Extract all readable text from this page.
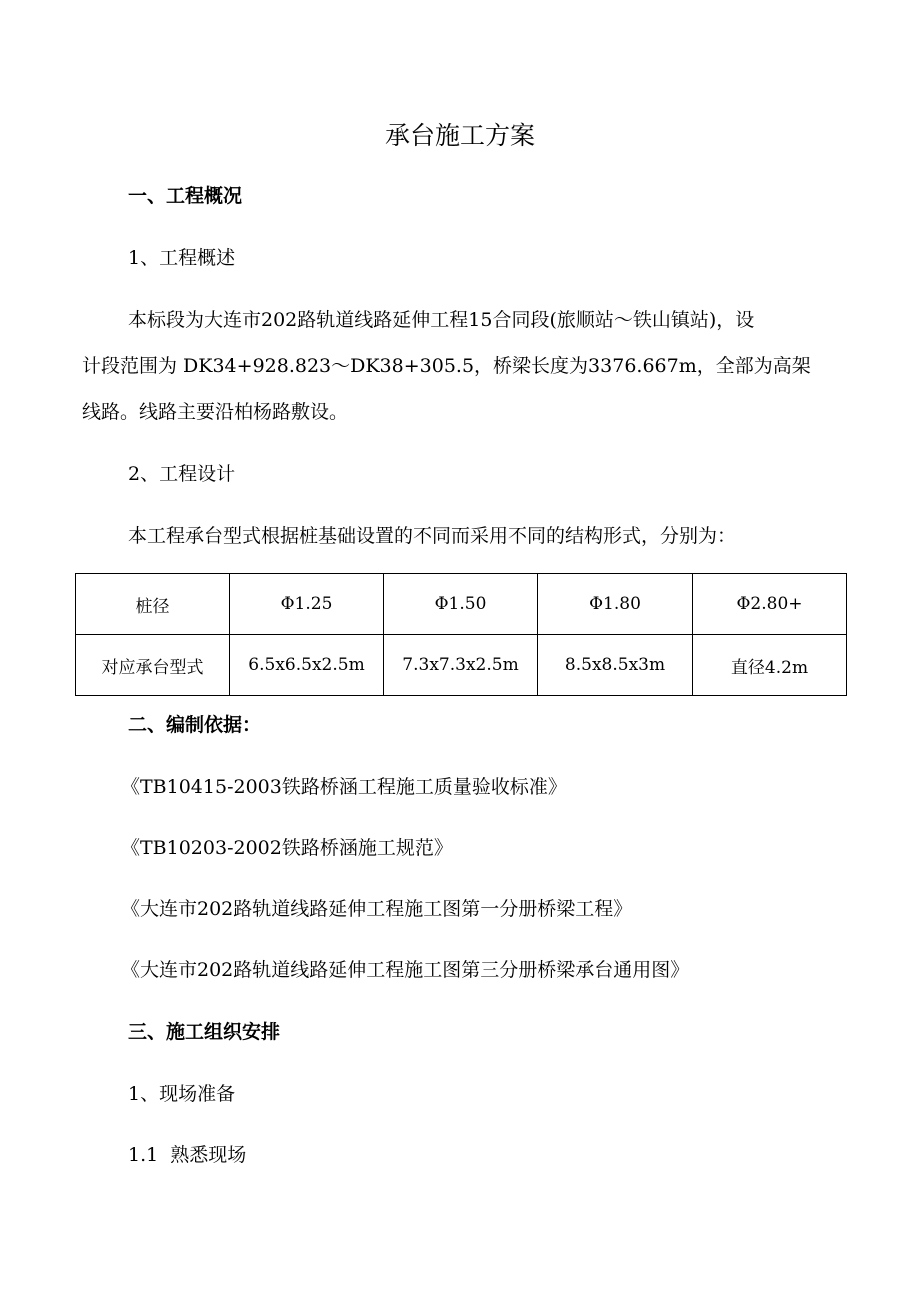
承台施工方案
一、工程概况
1、工程概述
本标段为大连市202路轨道线路延伸工程15合同段(旅顺站～铁山镇站)，设
计段范围为 DK34+928.823～DK38+305.5，桥梁长度为3376.667m，全部为高架
线路。线路主要沿柏杨路敷设。
2、工程设计
本工程承台型式根据桩基础设置的不同而采用不同的结构形式，分别为：
桩径	Φ1.25	Φ1.50	Φ1.80	Φ2.80+
对应承台型式	6.5x6.5x2.5m	7.3x7.3x2.5m	8.5x8.5x3m	直径4.2m
二、编制依据：
《TB10415-2003铁路桥涵工程施工质量验收标准》
《TB10203-2002铁路桥涵施工规范》
《大连市202路轨道线路延伸工程施工图第一分册桥梁工程》
《大连市202路轨道线路延伸工程施工图第三分册桥梁承台通用图》
三、施工组织安排
1、现场准备
1.1  熟悉现场
